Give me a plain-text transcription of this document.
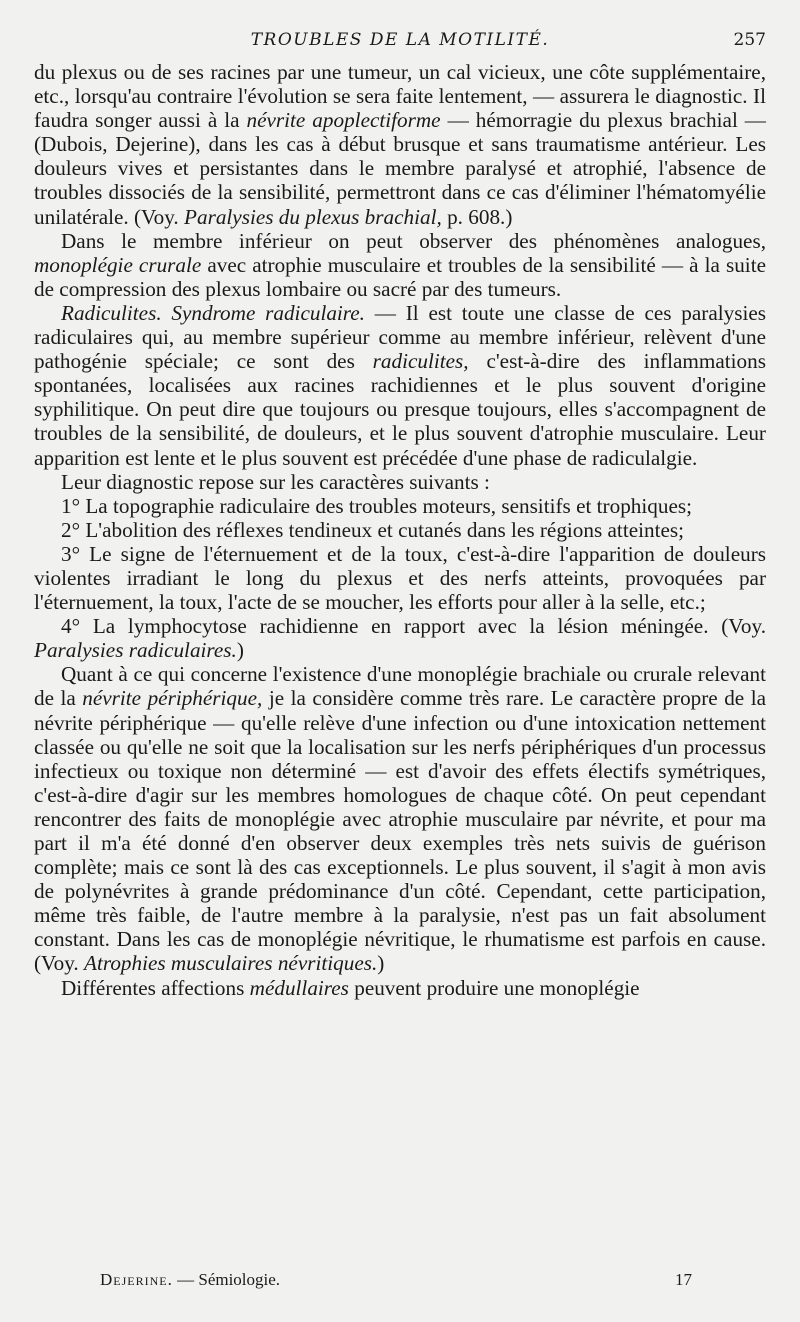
TROUBLES DE LA MOTILITÉ.	257

du plexus ou de ses racines par une tumeur, un cal vicieux, une côte supplémentaire, etc., lorsqu'au contraire l'évolution se sera faite lentement, — assurera le diagnostic. Il faudra songer aussi à la névrite apoplectiforme — hémorragie du plexus brachial — (Dubois, Dejerine), dans les cas à début brusque et sans traumatisme antérieur. Les douleurs vives et persistantes dans le membre paralysé et atrophié, l'absence de troubles dissociés de la sensibilité, permettront dans ce cas d'éliminer l'hématomyélie unilatérale. (Voy. Paralysies du plexus brachial, p. 608.)

Dans le membre inférieur on peut observer des phénomènes analogues, monoplégie crurale avec atrophie musculaire et troubles de la sensibilité — à la suite de compression des plexus lombaire ou sacré par des tumeurs.

Radiculites. Syndrome radiculaire. — Il est toute une classe de ces paralysies radiculaires qui, au membre supérieur comme au membre inférieur, relèvent d'une pathogénie spéciale; ce sont des radiculites, c'est-à-dire des inflammations spontanées, localisées aux racines rachidiennes et le plus souvent d'origine syphilitique. On peut dire que toujours ou presque toujours, elles s'accompagnent de troubles de la sensibilité, de douleurs, et le plus souvent d'atrophie musculaire. Leur apparition est lente et le plus souvent est précédée d'une phase de radiculalgie.

Leur diagnostic repose sur les caractères suivants :

1° La topographie radiculaire des troubles moteurs, sensitifs et trophiques;

2° L'abolition des réflexes tendineux et cutanés dans les régions atteintes;

3° Le signe de l'éternuement et de la toux, c'est-à-dire l'apparition de douleurs violentes irradiant le long du plexus et des nerfs atteints, provoquées par l'éternuement, la toux, l'acte de se moucher, les efforts pour aller à la selle, etc.;

4° La lymphocytose rachidienne en rapport avec la lésion méningée. (Voy. Paralysies radiculaires.)

Quant à ce qui concerne l'existence d'une monoplégie brachiale ou crurale relevant de la névrite périphérique, je la considère comme très rare. Le caractère propre de la névrite périphérique — qu'elle relève d'une infection ou d'une intoxication nettement classée ou qu'elle ne soit que la localisation sur les nerfs périphériques d'un processus infectieux ou toxique non déterminé — est d'avoir des effets électifs symétriques, c'est-à-dire d'agir sur les membres homologues de chaque côté. On peut cependant rencontrer des faits de monoplégie avec atrophie musculaire par névrite, et pour ma part il m'a été donné d'en observer deux exemples très nets suivis de guérison complète; mais ce sont là des cas exceptionnels. Le plus souvent, il s'agit à mon avis de polynévrites à grande prédominance d'un côté. Cependant, cette participation, même très faible, de l'autre membre à la paralysie, n'est pas un fait absolument constant. Dans les cas de monoplégie névritique, le rhumatisme est parfois en cause. (Voy. Atrophies musculaires névritiques.)

Différentes affections médullaires peuvent produire une monoplégie

Dejerine. — Sémiologie.	17
